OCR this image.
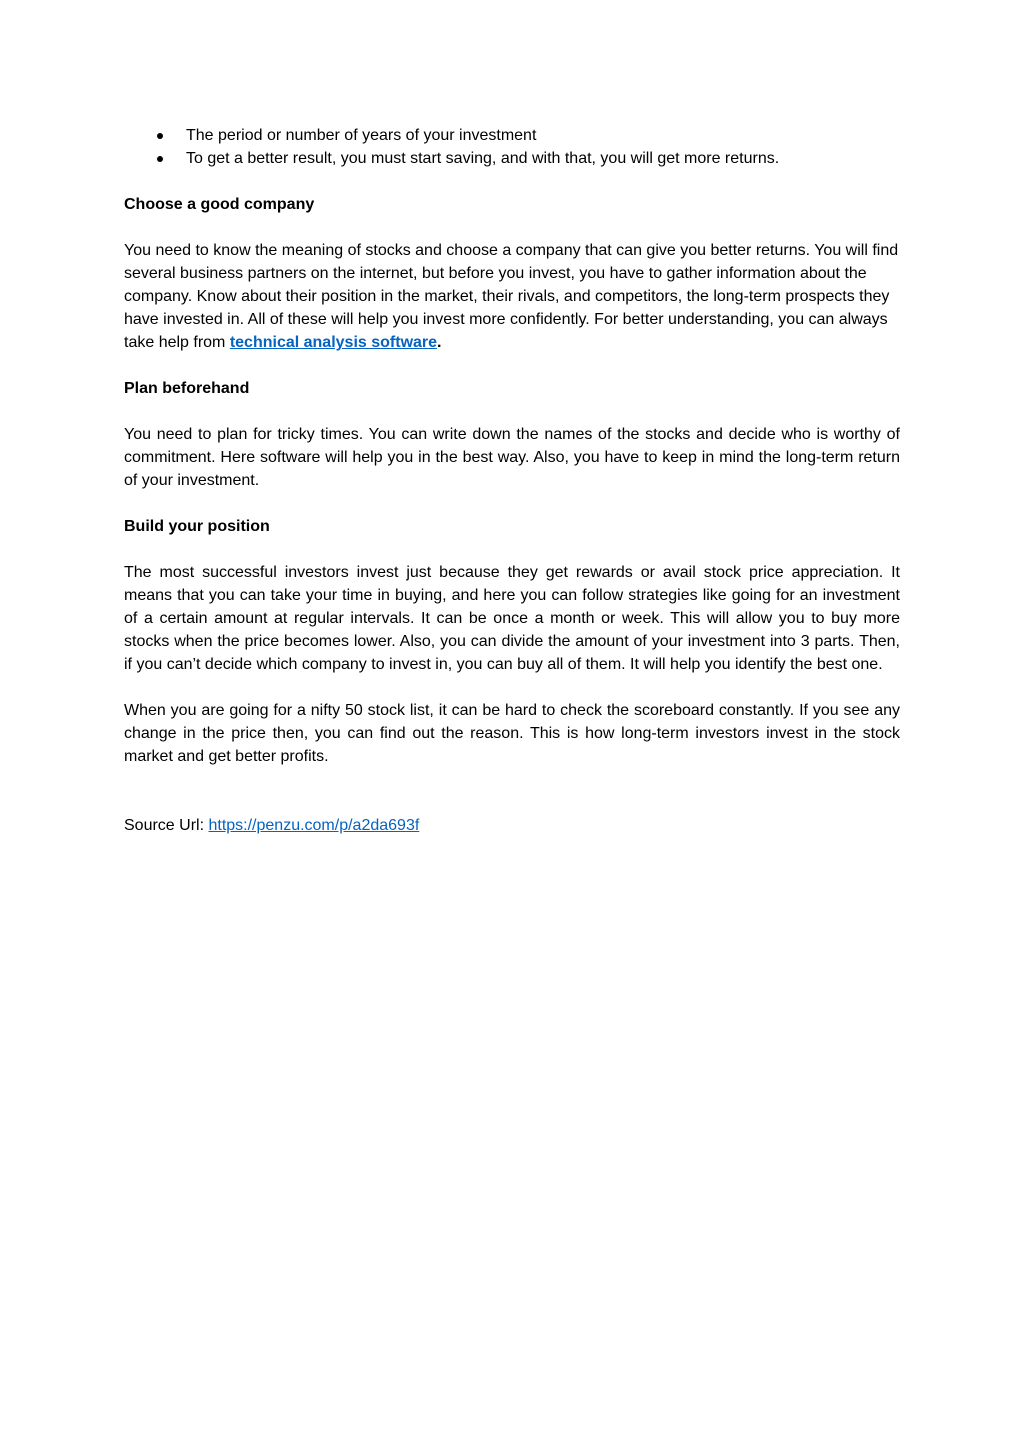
The period or number of years of your investment
To get a better result, you must start saving, and with that, you will get more returns.
Choose a good company

You need to know the meaning of stocks and choose a company that can give you better returns. You will find several business partners on the internet, but before you invest, you have to gather information about the company. Know about their position in the market, their rivals, and competitors, the long-term prospects they have invested in. All of these will help you invest more confidently. For better understanding, you can always take help from technical analysis software.

Plan beforehand

You need to plan for tricky times. You can write down the names of the stocks and decide who is worthy of commitment. Here software will help you in the best way. Also, you have to keep in mind the long-term return of your investment.

Build your position

The most successful investors invest just because they get rewards or avail stock price appreciation. It means that you can take your time in buying, and here you can follow strategies like going for an investment of a certain amount at regular intervals. It can be once a month or week. This will allow you to buy more stocks when the price becomes lower. Also, you can divide the amount of your investment into 3 parts. Then, if you can’t decide which company to invest in, you can buy all of them. It will help you identify the best one.

When you are going for a nifty 50 stock list, it can be hard to check the scoreboard constantly. If you see any change in the price then, you can find out the reason. This is how long-term investors invest in the stock market and get better profits.

Source Url: https://penzu.com/p/a2da693f
